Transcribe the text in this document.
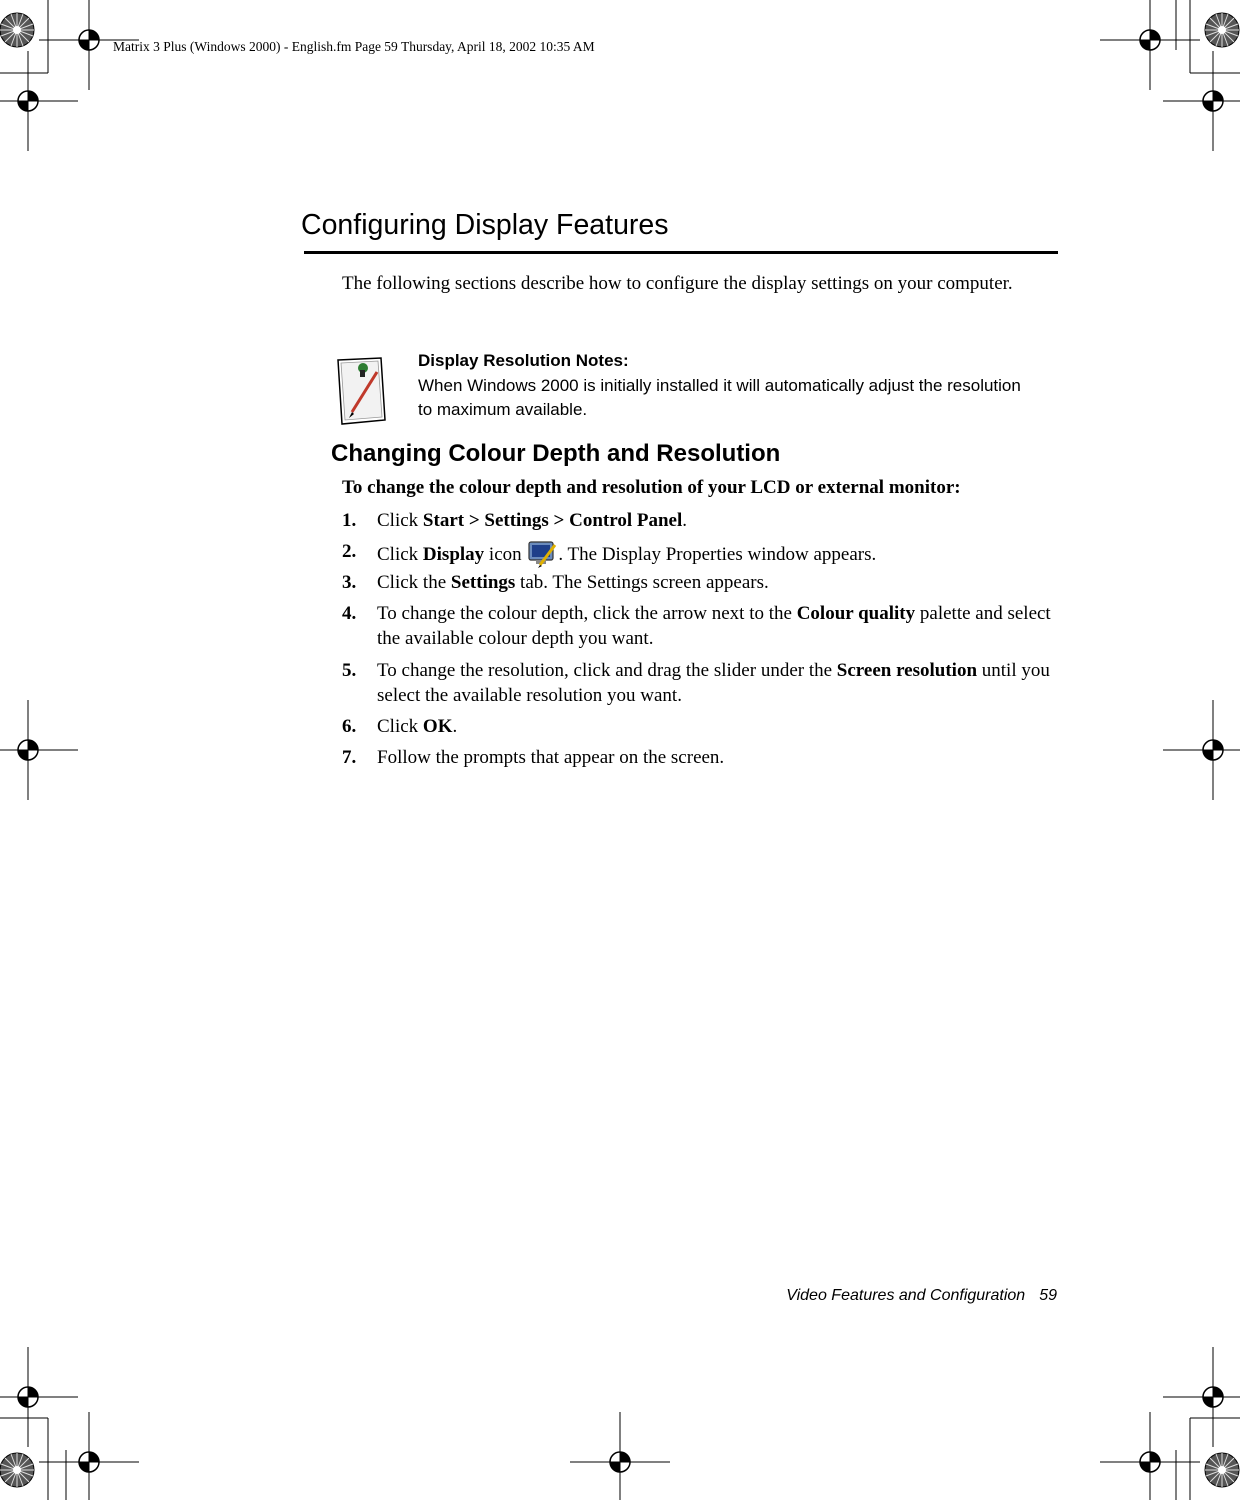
Matrix 3 Plus (Windows 2000) - English.fm Page 59 Thursday, April 18, 2002 10:35 AM
Configuring Display Features
The following sections describe how to configure the display settings on your computer.
Display Resolution Notes:
When Windows 2000 is initially installed it will automatically adjust the resolution to maximum available.
Changing Colour Depth and Resolution
To change the colour depth and resolution of your LCD or external monitor:
1. Click Start > Settings > Control Panel.
2. Click Display icon . The Display Properties window appears.
3. Click the Settings tab. The Settings screen appears.
4. To change the colour depth, click the arrow next to the Colour quality palette and select the available colour depth you want.
5. To change the resolution, click and drag the slider under the Screen resolution until you select the available resolution you want.
6. Click OK.
7. Follow the prompts that appear on the screen.
Video Features and Configuration 59
